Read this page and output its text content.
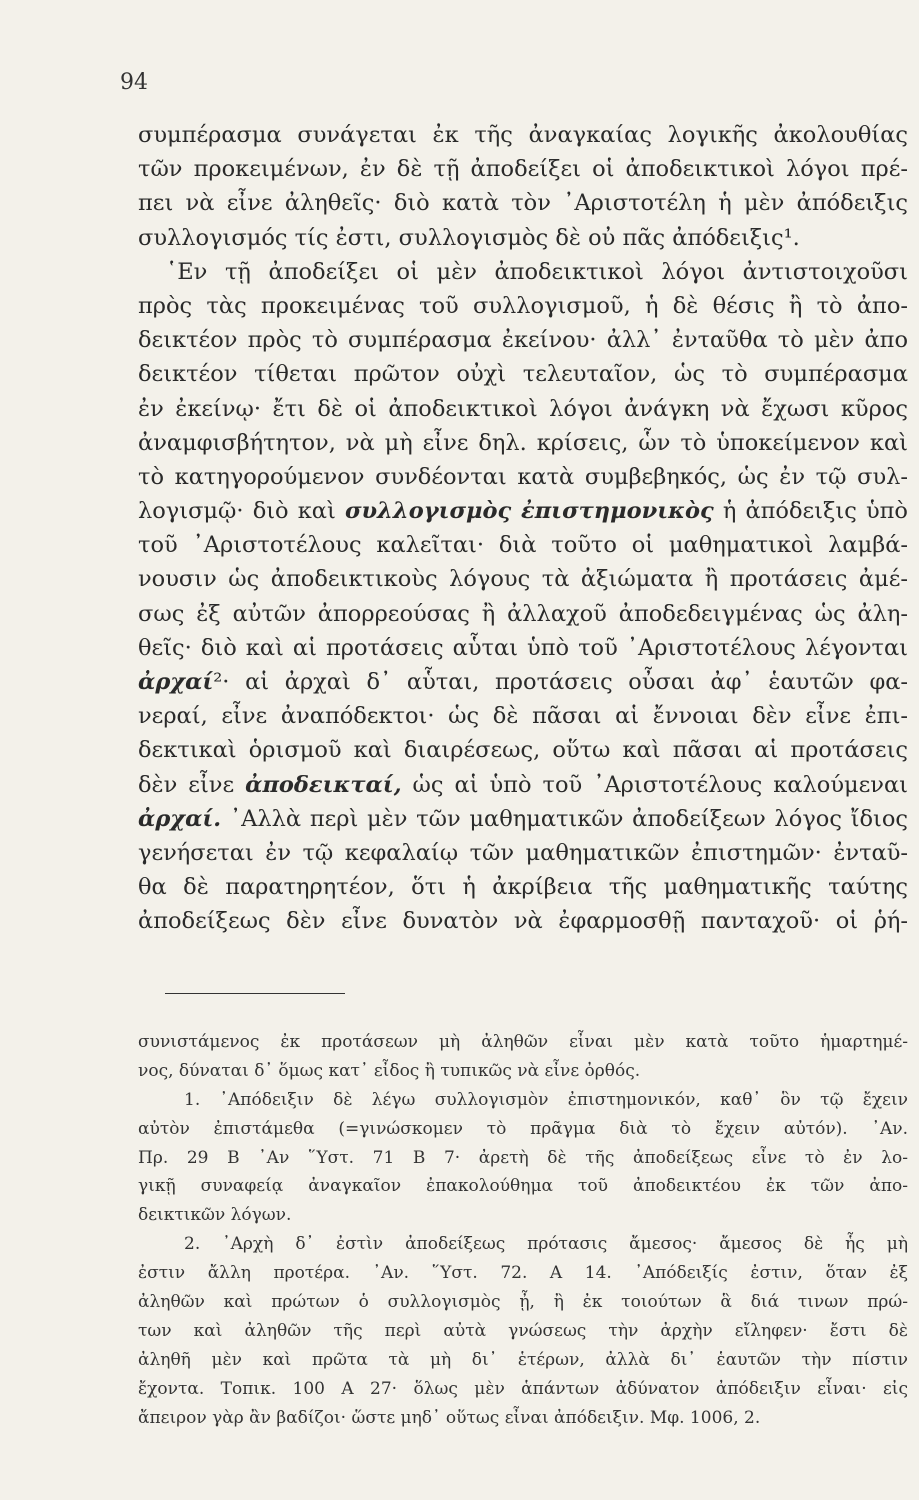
94
συμπέρασμα συνάγεται ἐκ τῆς ἀναγκαίας λογικῆς ἀκολουθίας
τῶν προκειμένων, ἐν δὲ τῇ ἀποδείξει οἱ ἀποδεικτικοὶ λόγοι πρέ-
πει νὰ εἶνε ἀληθεῖς· διὸ κατὰ τὸν ᾿Αριστοτέλη ἡ μὲν ἀπόδειξις
συλλογισμός τίς ἐστι, συλλογισμὸς δὲ οὐ πᾶς ἀπόδειξις¹.
῾Εν τῇ ἀποδείξει οἱ μὲν ἀποδεικτικοὶ λόγοι ἀντιστοιχοῦσι
πρὸς τὰς προκειμένας τοῦ συλλογισμοῦ, ἡ δὲ θέσις ἢ τὸ ἀπο-
δεικτέον πρὸς τὸ συμπέρασμα ἐκείνου· ἀλλ᾿ ἐνταῦθα τὸ μὲν ἀπο
δεικτέον τίθεται πρῶτον οὐχὶ τελευταῖον, ὡς τὸ συμπέρασμα
ἐν ἐκείνῳ· ἔτι δὲ οἱ ἀποδεικτικοὶ λόγοι ἀνάγκη νὰ ἔχωσι κῦρος
ἀναμφισβήτητον, νὰ μὴ εἶνε δηλ. κρίσεις, ὧν τὸ ὑποκείμενον καὶ
τὸ κατηγορούμενον συνδέονται κατὰ συμβεβηκός, ὡς ἐν τῷ συλ-
λογισμῷ· διὸ καὶ συλλογισμὸς ἐπιστημονικὸς ἡ ἀπόδειξις ὑπὸ
τοῦ ᾿Αριστοτέλους καλεῖται· διὰ τοῦτο οἱ μαθηματικοὶ λαμβά-
νουσιν ὡς ἀποδεικτικοὺς λόγους τὰ ἀξιώματα ἢ προτάσεις ἀμέ-
σως ἐξ αὐτῶν ἀπορρεούσας ἢ ἀλλαχοῦ ἀποδεδειγμένας ὡς ἀλη-
θεῖς· διὸ καὶ αἱ προτάσεις αὗται ὑπὸ τοῦ ᾿Αριστοτέλους λέγονται
ἀρχαί²· αἱ ἀρχαὶ δ᾿ αὗται, προτάσεις οὖσαι ἀφ᾿ ἑαυτῶν φα-
νεραί, εἶνε ἀναπόδεκτοι· ὡς δὲ πᾶσαι αἱ ἔννοιαι δὲν εἶνε ἐπι-
δεκτικαὶ ὁρισμοῦ καὶ διαιρέσεως, οὕτω καὶ πᾶσαι αἱ προτάσεις
δὲν εἶνε ἀποδεικταί, ὡς αἱ ὑπὸ τοῦ ᾿Αριστοτέλους καλούμεναι
ἀρχαί. ᾿Αλλὰ περὶ μὲν τῶν μαθηματικῶν ἀποδείξεων λόγος ἴδιος
γενήσεται ἐν τῷ κεφαλαίῳ τῶν μαθηματικῶν ἐπιστημῶν· ἐνταῦ-
θα δὲ παρατηρητέον, ὅτι ἡ ἀκρίβεια τῆς μαθηματικῆς ταύτης
ἀποδείξεως δὲν εἶνε δυνατὸν νὰ ἐφαρμοσθῇ πανταχοῦ· οἱ ῥή-
συνιστάμενος ἐκ προτάσεων μὴ ἀληθῶν εἶναι μὲν κατὰ τοῦτο ἡμαρτημέ-
νος, δύναται δ᾿ ὅμως κατ᾿ εἶδος ἢ τυπικῶς νὰ εἶνε ὀρθός.
1. ᾿Απόδειξιν δὲ λέγω συλλογισμὸν ἐπιστημονικόν, καθ᾿ ὃν τῷ ἔχειν
αὐτὸν ἐπιστάμεθα (=γινώσκομεν τὸ πρᾶγμα διὰ τὸ ἔχειν αὐτόν). ᾿Αν.
Πρ. 29 Β ᾿Αν ῞Υστ. 71 Β 7· ἀρετὴ δὲ τῆς ἀποδείξεως εἶνε τὸ ἐν λο-
γικῇ συναφείᾳ ἀναγκαῖον ἐπακολούθημα τοῦ ἀποδεικτέου ἐκ τῶν ἀπο-
δεικτικῶν λόγων.
2. ᾿Αρχὴ δ᾿ ἐστὶν ἀποδείξεως πρότασις ἄμεσος· ἄμεσος δὲ ἧς μὴ
ἐστιν ἄλλη προτέρα. ᾿Αν. ῞Υστ. 72. Α 14. ᾿Απόδειξίς ἐστιν, ὅταν ἐξ
ἀληθῶν καὶ πρώτων ὁ συλλογισμὸς ᾖ, ἢ ἐκ τοιούτων ἃ διά τινων πρώ-
των καὶ ἀληθῶν τῆς περὶ αὐτὰ γνώσεως τὴν ἀρχὴν εἴληφεν· ἔστι δὲ
ἀληθῆ μὲν καὶ πρῶτα τὰ μὴ δι᾿ ἑτέρων, ἀλλὰ δι᾿ ἑαυτῶν τὴν πίστιν
ἔχοντα. Τοπικ. 100 Α 27· ὅλως μὲν ἁπάντων ἀδύνατον ἀπόδειξιν εἶναι· εἰς
ἄπειρον γὰρ ἂν βαδίζοι· ὥστε μηδ᾿ οὕτως εἶναι ἀπόδειξιν. Μφ. 1006, 2.
